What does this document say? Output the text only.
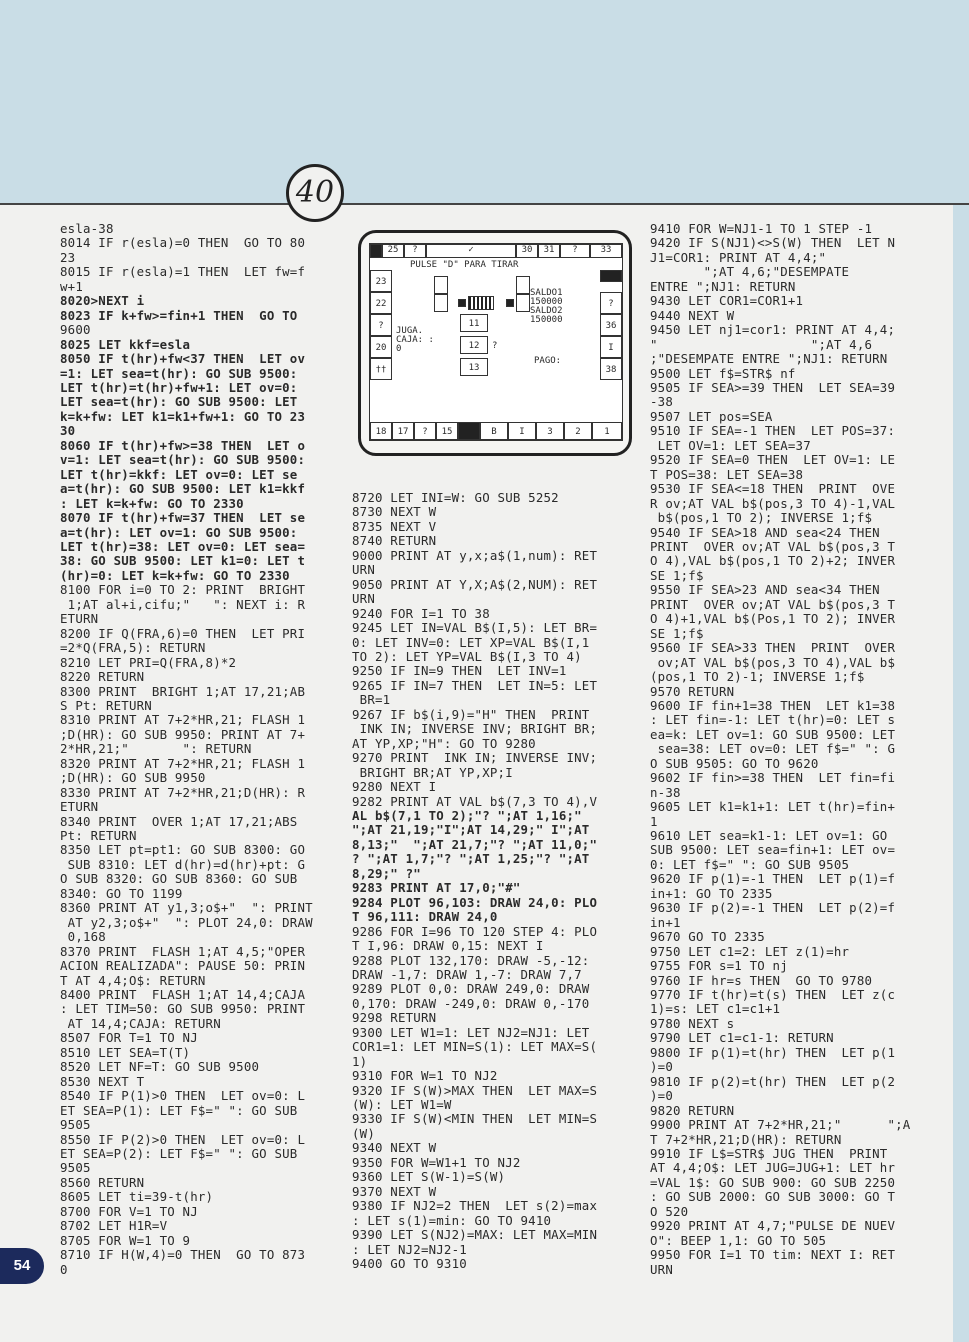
40
esla-38
8014 IF r(esla)=0 THEN  GO TO 80
23
8015 IF r(esla)=1 THEN  LET fw=f
w+1
8020>NEXT i
8023 IF k+fw>=fin+1 THEN  GO TO
9600
8025 LET kkf=esla
8050 IF t(hr)+fw<37 THEN  LET ov
=1: LET sea=t(hr): GO SUB 9500:
LET t(hr)=t(hr)+fw+1: LET ov=0:
LET sea=t(hr): GO SUB 9500: LET
k=k+fw: LET k1=k1+fw+1: GO TO 23
30
8060 IF t(hr)+fw>=38 THEN  LET o
v=1: LET sea=t(hr): GO SUB 9500:
LET t(hr)=kkf: LET ov=0: LET se
a=t(hr): GO SUB 9500: LET k1=kkf
: LET k=k+fw: GO TO 2330
8070 IF t(hr)+fw=37 THEN  LET se
a=t(hr): LET ov=1: GO SUB 9500:
LET t(hr)=38: LET ov=0: LET sea=
38: GO SUB 9500: LET k1=0: LET t
(hr)=0: LET k=k+fw: GO TO 2330
8100 FOR i=0 TO 2: PRINT  BRIGHT
1;AT al+i,cifu;"   ": NEXT i: R
ETURN
8200 IF Q(FRA,6)=0 THEN  LET PRI
=2*Q(FRA,5): RETURN
8210 LET PRI=Q(FRA,8)*2
8220 RETURN
8300 PRINT  BRIGHT 1;AT 17,21;AB
S Pt: RETURN
8310 PRINT AT 7+2*HR,21; FLASH 1
;D(HR): GO SUB 9950: PRINT AT 7+
2*HR,21;"       ": RETURN
8320 PRINT AT 7+2*HR,21; FLASH 1
;D(HR): GO SUB 9950
8330 PRINT AT 7+2*HR,21;D(HR): R
ETURN
8340 PRINT  OVER 1;AT 17,21;ABS
Pt: RETURN
8350 LET pt=pt1: GO SUB 8300: GO
SUB 8310: LET d(hr)=d(hr)+pt: G
O SUB 8320: GO SUB 8360: GO SUB
8340: GO TO 1199
8360 PRINT AT y1,3;o$+"  ": PRINT
AT y2,3;o$+"  ": PLOT 24,0: DRAW
0,168
8370 PRINT  FLASH 1;AT 4,5;"OPER
ACION REALIZADA": PAUSE 50: PRIN
T AT 4,4;O$: RETURN
8400 PRINT  FLASH 1;AT 14,4;CAJA
: LET TIM=50: GO SUB 9950: PRINT
AT 14,4;CAJA: RETURN
8507 FOR T=1 TO NJ
8510 LET SEA=T(T)
8520 LET NF=T: GO SUB 9500
8530 NEXT T
8540 IF P(1)>0 THEN  LET ov=0: L
ET SEA=P(1): LET F$=" ": GO SUB
9505
8550 IF P(2)>0 THEN  LET ov=0: L
ET SEA=P(2): LET F$=" ": GO SUB
9505
8560 RETURN
8605 LET ti=39-t(hr)
8700 FOR V=1 TO NJ
8702 LET H1R=V
8705 FOR W=1 TO 9
8710 IF H(W,4)=0 THEN  GO TO 873
0
25	?	✓	30	31	?	33
PULSE "D" PARA TIRAR
23
22
?
20
††
?
36
I
38
11
12	?
13
SALDO1
150000
SALDO2
150000
JUGA.
CAJA: :
0
PAGO:
18	17	?	15	B	I	3	2	1
8720 LET INI=W: GO SUB 5252
8730 NEXT W
8735 NEXT V
8740 RETURN
9000 PRINT AT y,x;a$(1,num): RET
URN
9050 PRINT AT Y,X;A$(2,NUM): RET
URN
9240 FOR I=1 TO 38
9245 LET IN=VAL B$(I,5): LET BR=
0: LET INV=0: LET XP=VAL B$(I,1
TO 2): LET YP=VAL B$(I,3 TO 4)
9250 IF IN=9 THEN  LET INV=1
9265 IF IN=7 THEN  LET IN=5: LET
BR=1
9267 IF b$(i,9)="H" THEN  PRINT
INK IN; INVERSE INV; BRIGHT BR;
AT YP,XP;"H": GO TO 9280
9270 PRINT  INK IN; INVERSE INV;
BRIGHT BR;AT YP,XP;I
9280 NEXT I
9282 PRINT AT VAL b$(7,3 TO 4),V
AL b$(7,1 TO 2);"? ";AT 1,16;"
";AT 21,19;"I";AT 14,29;" I";AT
8,13;"  ";AT 21,7;"? ";AT 11,0;"
? ";AT 1,7;"? ";AT 1,25;"? ";AT
8,29;" ?"
9283 PRINT AT 17,0;"#"
9284 PLOT 96,103: DRAW 24,0: PLO
T 96,111: DRAW 24,0
9286 FOR I=96 TO 120 STEP 4: PLO
T I,96: DRAW 0,15: NEXT I
9288 PLOT 132,170: DRAW -5,-12:
DRAW -1,7: DRAW 1,-7: DRAW 7,7
9289 PLOT 0,0: DRAW 249,0: DRAW
0,170: DRAW -249,0: DRAW 0,-170
9298 RETURN
9300 LET W1=1: LET NJ2=NJ1: LET
COR1=1: LET MIN=S(1): LET MAX=S(
1)
9310 FOR W=1 TO NJ2
9320 IF S(W)>MAX THEN  LET MAX=S
(W): LET W1=W
9330 IF S(W)<MIN THEN  LET MIN=S
(W)
9340 NEXT W
9350 FOR W=W1+1 TO NJ2
9360 LET S(W-1)=S(W)
9370 NEXT W
9380 IF NJ2=2 THEN  LET s(2)=max
: LET s(1)=min: GO TO 9410
9390 LET S(NJ2)=MAX: LET MAX=MIN
: LET NJ2=NJ2-1
9400 GO TO 9310
9410 FOR W=NJ1-1 TO 1 STEP -1
9420 IF S(NJ1)<>S(W) THEN  LET N
J1=COR1: PRINT AT 4,4;"
";AT 4,6;"DESEMPATE
ENTRE ";NJ1: RETURN
9430 LET COR1=COR1+1
9440 NEXT W
9450 LET nj1=cor1: PRINT AT 4,4;
"                    ";AT 4,6
;"DESEMPATE ENTRE ";NJ1: RETURN
9500 LET f$=STR$ nf
9505 IF SEA>=39 THEN  LET SEA=39
-38
9507 LET pos=SEA
9510 IF SEA=-1 THEN  LET POS=37:
LET OV=1: LET SEA=37
9520 IF SEA=0 THEN  LET OV=1: LE
T POS=38: LET SEA=38
9530 IF SEA<=18 THEN  PRINT  OVE
R ov;AT VAL b$(pos,3 TO 4)-1,VAL
b$(pos,1 TO 2); INVERSE 1;f$
9540 IF SEA>18 AND sea<24 THEN
PRINT  OVER ov;AT VAL b$(pos,3 T
O 4),VAL b$(pos,1 TO 2)+2; INVER
SE 1;f$
9550 IF SEA>23 AND sea<34 THEN
PRINT  OVER ov;AT VAL b$(pos,3 T
O 4)+1,VAL b$(Pos,1 TO 2); INVER
SE 1;f$
9560 IF SEA>33 THEN  PRINT  OVER
ov;AT VAL b$(pos,3 TO 4),VAL b$
(pos,1 TO 2)-1; INVERSE 1;f$
9570 RETURN
9600 IF fin+1=38 THEN  LET k1=38
: LET fin=-1: LET t(hr)=0: LET s
ea=k: LET ov=1: GO SUB 9500: LET
sea=38: LET ov=0: LET f$=" ": G
O SUB 9505: GO TO 9620
9602 IF fin>=38 THEN  LET fin=fi
n-38
9605 LET k1=k1+1: LET t(hr)=fin+
1
9610 LET sea=k1-1: LET ov=1: GO
SUB 9500: LET sea=fin+1: LET ov=
0: LET f$=" ": GO SUB 9505
9620 IF p(1)=-1 THEN  LET p(1)=f
in+1: GO TO 2335
9630 IF p(2)=-1 THEN  LET p(2)=f
in+1
9670 GO TO 2335
9750 LET c1=2: LET z(1)=hr
9755 FOR s=1 TO nj
9760 IF hr=s THEN  GO TO 9780
9770 IF t(hr)=t(s) THEN  LET z(c
1)=s: LET c1=c1+1
9780 NEXT s
9790 LET c1=c1-1: RETURN
9800 IF p(1)=t(hr) THEN  LET p(1
)=0
9810 IF p(2)=t(hr) THEN  LET p(2
)=0
9820 RETURN
9900 PRINT AT 7+2*HR,21;"      ";A
T 7+2*HR,21;D(HR): RETURN
9910 IF L$=STR$ JUG THEN  PRINT
AT 4,4;O$: LET JUG=JUG+1: LET hr
=VAL 1$: GO SUB 900: GO SUB 2250
: GO SUB 2000: GO SUB 3000: GO T
O 520
9920 PRINT AT 4,7;"PULSE DE NUEV
O": BEEP 1,1: GO TO 505
9950 FOR I=1 TO tim: NEXT I: RET
URN
54
